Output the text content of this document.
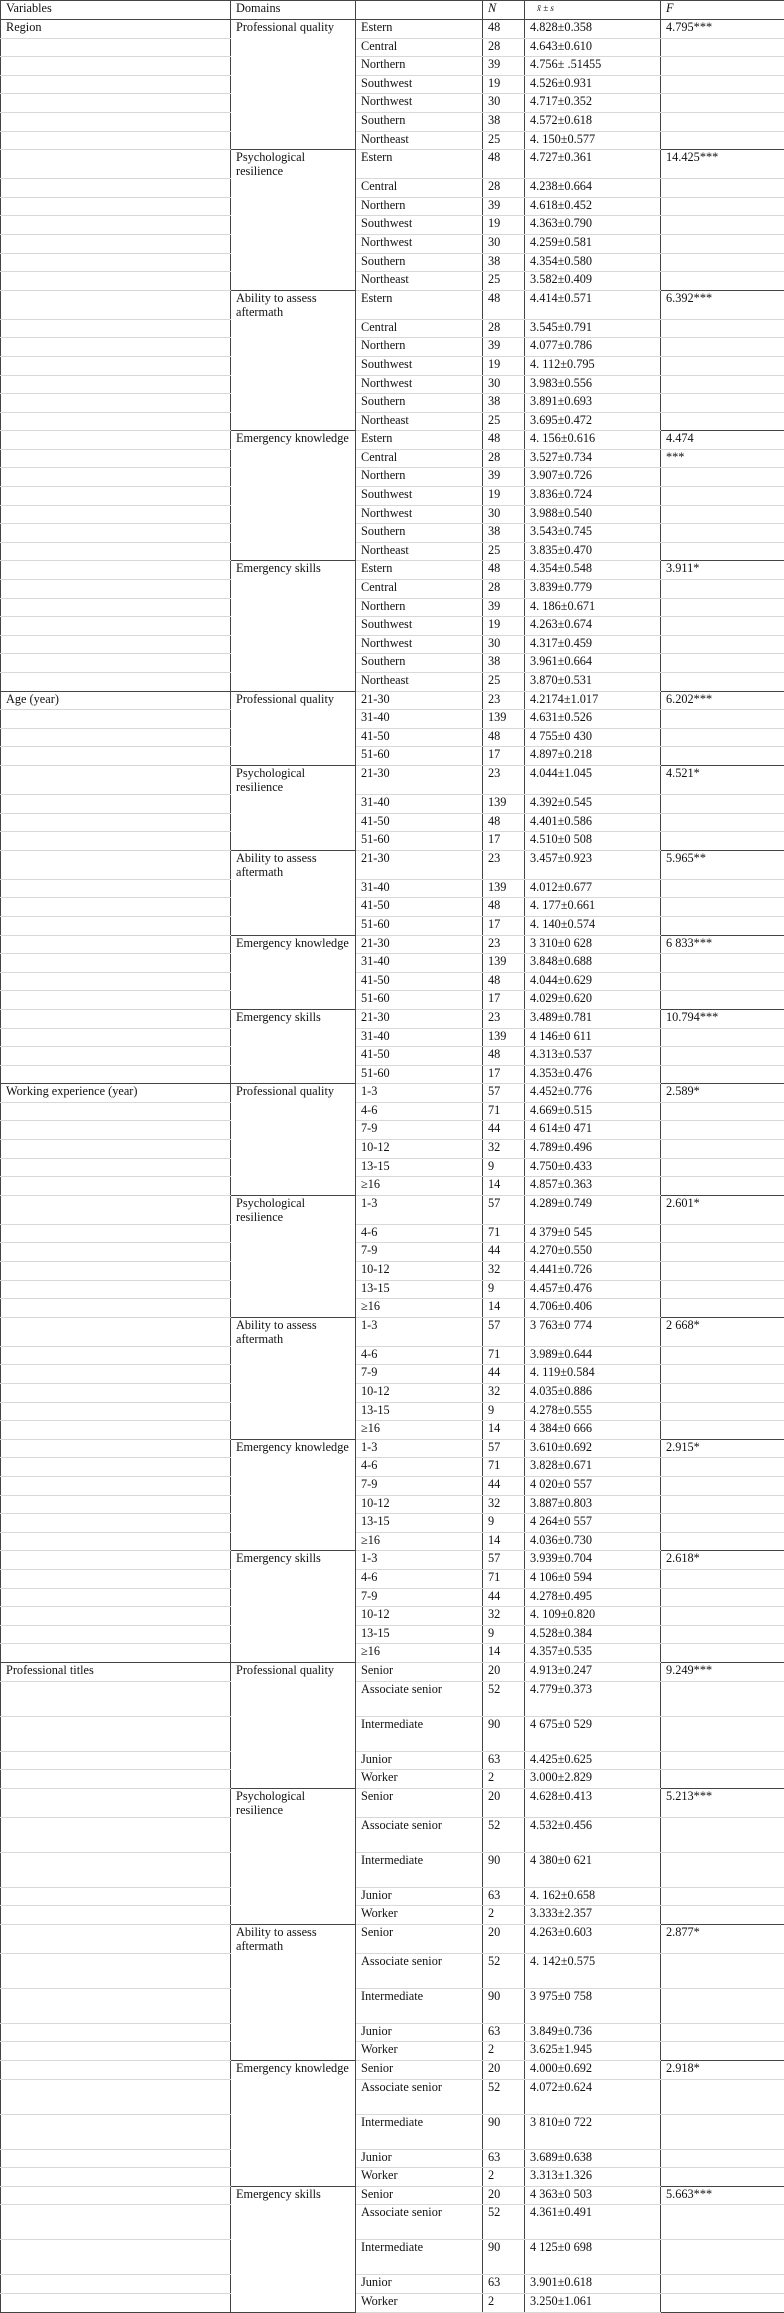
Variables	Domains		N	x̄ ± s	F
Region	Professional quality	Estern	48	4.828±0.358	4.795***
		Central	28	4.643±0.610	
		Northern	39	4.756± .51455	
		Southwest	19	4.526±0.931	
		Northwest	30	4.717±0.352	
		Southern	38	4.572±0.618	
		Northeast	25	4. 150±0.577	
	Psychological resilience	Estern	48	4.727±0.361	14.425***
		Central	28	4.238±0.664	
		Northern	39	4.618±0.452	
		Southwest	19	4.363±0.790	
		Northwest	30	4.259±0.581	
		Southern	38	4.354±0.580	
		Northeast	25	3.582±0.409	
	Ability to assess aftermath	Estern	48	4.414±0.571	6.392***
		Central	28	3.545±0.791	
		Northern	39	4.077±0.786	
		Southwest	19	4. 112±0.795	
		Northwest	30	3.983±0.556	
		Southern	38	3.891±0.693	
		Northeast	25	3.695±0.472	
	Emergency knowledge	Estern	48	4. 156±0.616	4.474
		Central	28	3.527±0.734	***
		Northern	39	3.907±0.726	
		Southwest	19	3.836±0.724	
		Northwest	30	3.988±0.540	
		Southern	38	3.543±0.745	
		Northeast	25	3.835±0.470	
	Emergency skills	Estern	48	4.354±0.548	3.911*
		Central	28	3.839±0.779	
		Northern	39	4. 186±0.671	
		Southwest	19	4.263±0.674	
		Northwest	30	4.317±0.459	
		Southern	38	3.961±0.664	
		Northeast	25	3.870±0.531	
Age (year)	Professional quality	21-30	23	4.2174±1.017	6.202***
		31-40	139	4.631±0.526	
		41-50	48	4 755±0 430	
		51-60	17	4.897±0.218	
	Psychological resilience	21-30	23	4.044±1.045	4.521*
		31-40	139	4.392±0.545	
		41-50	48	4.401±0.586	
		51-60	17	4.510±0 508	
	Ability to assess aftermath	21-30	23	3.457±0.923	5.965**
		31-40	139	4.012±0.677	
		41-50	48	4. 177±0.661	
		51-60	17	4. 140±0.574	
	Emergency knowledge	21-30	23	3 310±0 628	6 833***
		31-40	139	3.848±0.688	
		41-50	48	4.044±0.629	
		51-60	17	4.029±0.620	
	Emergency skills	21-30	23	3.489±0.781	10.794***
		31-40	139	4 146±0 611	
		41-50	48	4.313±0.537	
		51-60	17	4.353±0.476	
Working experience (year)	Professional quality	1-3	57	4.452±0.776	2.589*
		4-6	71	4.669±0.515	
		7-9	44	4 614±0 471	
		10-12	32	4.789±0.496	
		13-15	9	4.750±0.433	
		≥16	14	4.857±0.363	
	Psychological resilience	1-3	57	4.289±0.749	2.601*
		4-6	71	4 379±0 545	
		7-9	44	4.270±0.550	
		10-12	32	4.441±0.726	
		13-15	9	4.457±0.476	
		≥16	14	4.706±0.406	
	Ability to assess aftermath	1-3	57	3 763±0 774	2 668*
		4-6	71	3.989±0.644	
		7-9	44	4. 119±0.584	
		10-12	32	4.035±0.886	
		13-15	9	4.278±0.555	
		≥16	14	4 384±0 666	
	Emergency knowledge	1-3	57	3.610±0.692	2.915*
		4-6	71	3.828±0.671	
		7-9	44	4 020±0 557	
		10-12	32	3.887±0.803	
		13-15	9	4 264±0 557	
		≥16	14	4.036±0.730	
	Emergency skills	1-3	57	3.939±0.704	2.618*
		4-6	71	4 106±0 594	
		7-9	44	4.278±0.495	
		10-12	32	4. 109±0.820	
		13-15	9	4.528±0.384	
		≥16	14	4.357±0.535	
Professional titles	Professional quality	Senior	20	4.913±0.247	9.249***
		Associate senior	52	4.779±0.373	
		Intermediate	90	4 675±0 529	
		Junior	63	4.425±0.625	
		Worker	2	3.000±2.829	
	Psychological resilience	Senior	20	4.628±0.413	5.213***
		Associate senior	52	4.532±0.456	
		Intermediate	90	4 380±0 621	
		Junior	63	4. 162±0.658	
		Worker	2	3.333±2.357	
	Ability to assess aftermath	Senior	20	4.263±0.603	2.877*
		Associate senior	52	4. 142±0.575	
		Intermediate	90	3 975±0 758	
		Junior	63	3.849±0.736	
		Worker	2	3.625±1.945	
	Emergency knowledge	Senior	20	4.000±0.692	2.918*
		Associate senior	52	4.072±0.624	
		Intermediate	90	3 810±0 722	
		Junior	63	3.689±0.638	
		Worker	2	3.313±1.326	
	Emergency skills	Senior	20	4 363±0 503	5.663***
		Associate senior	52	4.361±0.491	
		Intermediate	90	4 125±0 698	
		Junior	63	3.901±0.618	
		Worker	2	3.250±1.061	
